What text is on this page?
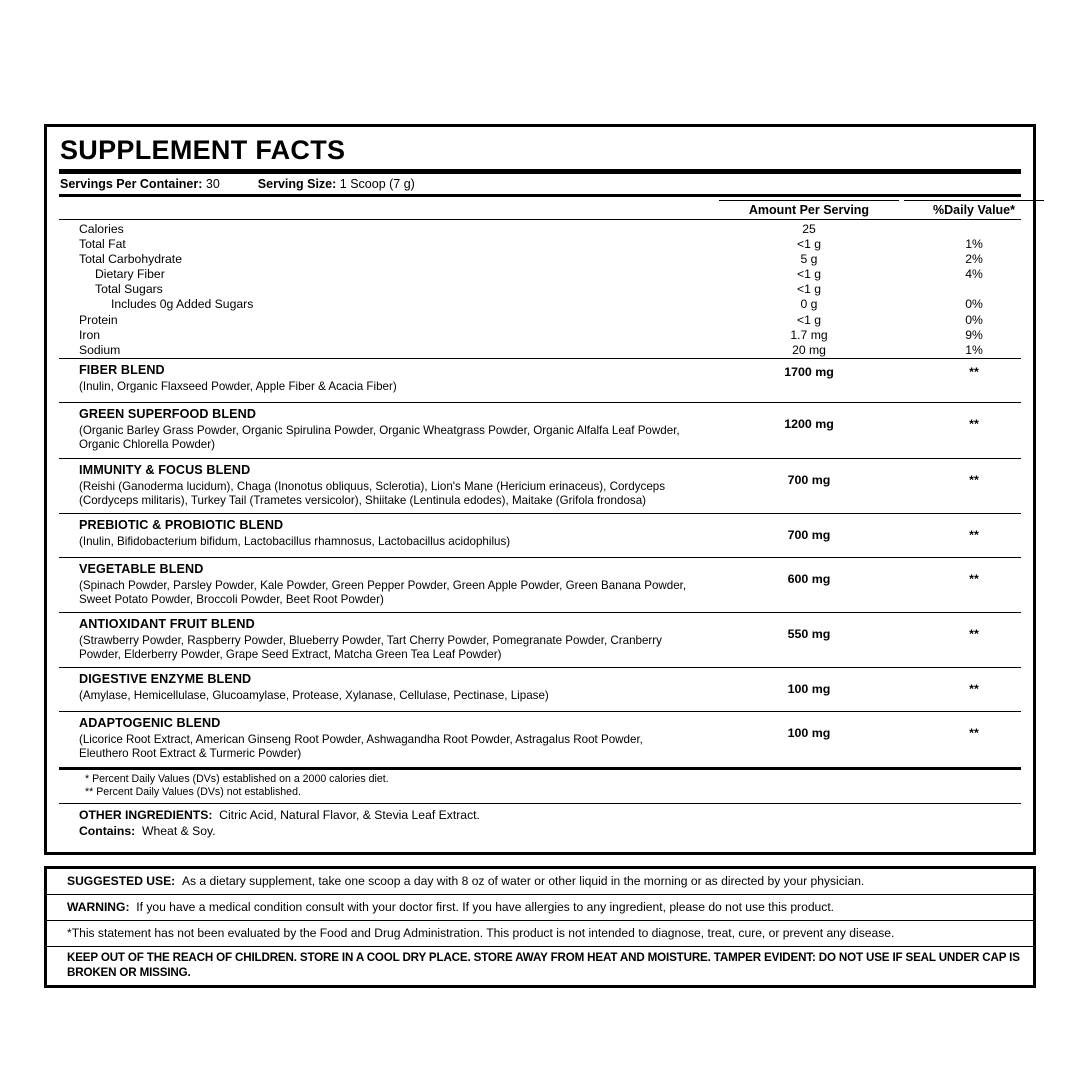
SUPPLEMENT FACTS
Servings Per Container:
30	Serving Size:
1 Scoop (7 g)
Amount Per Serving	%Daily Value*
Calories	25
Total Fat	<1 g	1%
Total Carbohydrate	5 g	2%
Dietary Fiber	<1 g	4%
Total Sugars	<1 g
Includes 0g Added Sugars	0 g	0%
Protein	<1 g	0%
Iron	1.7 mg	9%
Sodium	20 mg	1%
FIBER BLEND
(Inulin, Organic Flaxseed Powder, Apple Fiber & Acacia Fiber)
1700 mg	**
GREEN SUPERFOOD BLEND
(Organic Barley Grass Powder, Organic Spirulina Powder, Organic Wheatgrass Powder, Organic Alfalfa Leaf Powder, Organic Chlorella Powder)
1200 mg	**
IMMUNITY & FOCUS BLEND
(Reishi (Ganoderma lucidum), Chaga (Inonotus obliquus, Sclerotia), Lion's Mane (Hericium erinaceus), Cordyceps (Cordyceps militaris), Turkey Tail (Trametes versicolor), Shiitake (Lentinula edodes), Maitake (Grifola frondosa)
700 mg	**
PREBIOTIC & PROBIOTIC BLEND
(Inulin, Bifidobacterium bifidum, Lactobacillus rhamnosus, Lactobacillus acidophilus)	700 mg	**
VEGETABLE BLEND
(Spinach Powder, Parsley Powder, Kale Powder, Green Pepper Powder, Green Apple Powder, Green Banana Powder, Sweet Potato Powder, Broccoli Powder, Beet Root Powder)
600 mg	**
ANTIOXIDANT FRUIT BLEND
(Strawberry Powder, Raspberry Powder, Blueberry Powder, Tart Cherry Powder, Pomegranate Powder, Cranberry Powder, Elderberry Powder, Grape Seed Extract, Matcha Green Tea Leaf Powder)
550 mg	**
DIGESTIVE ENZYME BLEND
(Amylase, Hemicellulase, Glucoamylase, Protease, Xylanase, Cellulase, Pectinase, Lipase)	100 mg	**
ADAPTOGENIC BLEND
(Licorice Root Extract, American Ginseng Root Powder, Ashwagandha Root Powder, Astragalus Root Powder, Eleuthero Root Extract & Turmeric Powder)
100 mg	**
* Percent Daily Values (DVs) established on a 2000 calories diet.
** Percent Daily Values (DVs) not established.
OTHER INGREDIENTS: Citric Acid, Natural Flavor, & Stevia Leaf Extract.
Contains: Wheat & Soy.
SUGGESTED USE: As a dietary supplement, take one scoop a day with 8 oz of water or other liquid in the morning or as directed by your physician.
WARNING: If you have a medical condition consult with your doctor first. If you have allergies to any ingredient, please do not use this product.
*This statement has not been evaluated by the Food and Drug Administration. This product is not intended to diagnose, treat, cure, or prevent any disease.
KEEP OUT OF THE REACH OF CHILDREN. STORE IN A COOL DRY PLACE. STORE AWAY FROM HEAT AND MOISTURE. TAMPER EVIDENT: DO NOT USE IF SEAL UNDER CAP IS BROKEN OR MISSING.
